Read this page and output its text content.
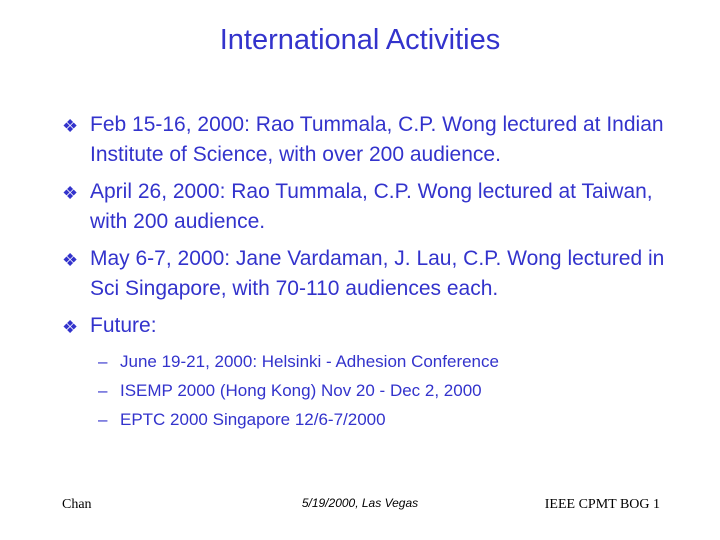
International Activities
❖ Feb 15-16, 2000: Rao Tummala, C.P. Wong lectured at Indian Institute of Science, with over 200 audience.
❖ April 26, 2000: Rao Tummala, C.P. Wong lectured at Taiwan, with 200 audience.
❖ May 6-7, 2000: Jane Vardaman, J. Lau, C.P. Wong lectured in Sci Singapore, with 70-110 audiences each.
❖ Future:
– June 19-21, 2000: Helsinki - Adhesion Conference
– ISEMP 2000 (Hong Kong) Nov 20 - Dec 2, 2000
– EPTC 2000 Singapore 12/6-7/2000
Chan	5/19/2000, Las Vegas	IEEE CPMT BOG 1
